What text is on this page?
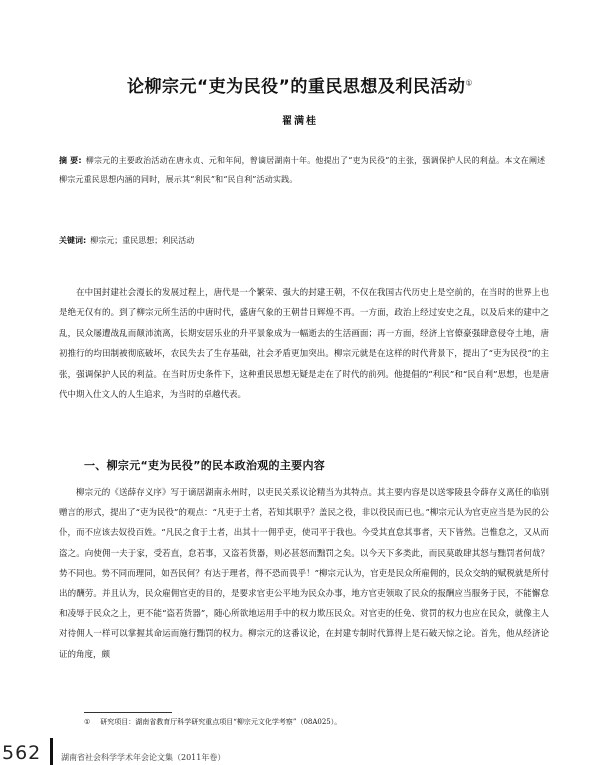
论柳宗元“吏为民役”的重民思想及利民活动①
翟满桂
摘 要: 柳宗元的主要政治活动在唐永贞、元和年间，曾谪居湖南十年。他提出了“吏为民役”的主张，强调保护人民的利益。本文在阐述柳宗元重民思想内涵的同时，展示其“利民”和“民自利”活动实践。
关键词: 柳宗元；重民思想；利民活动
在中国封建社会漫长的发展过程上，唐代是一个繁荣、强大的封建王朝，不仅在我国古代历史上是空前的，在当时的世界上也是绝无仅有的。到了柳宗元所生活的中唐时代，盛唐气象的王朝昔日辉煌不再。一方面，政治上经过安史之乱，以及后来的建中之乱，民众屡遭战乱而颠沛流离，长期安居乐业的升平景象成为一幅逝去的生活画面；再一方面，经济上官僚豪强肆意侵夺土地，唐初推行的均田制被彻底破坏，农民失去了生存基础，社会矛盾更加突出。柳宗元就是在这样的时代背景下，提出了“吏为民役”的主张，强调保护人民的利益。在当时历史条件下，这种重民思想无疑是走在了时代的前列。他提倡的“利民”和“民自利”思想，也是唐代中期入仕文人的人生追求，为当时的卓越代表。
一、柳宗元“吏为民役”的民本政治观的主要内容
柳宗元的《送薛存义序》写于谪居湖南永州时，以吏民关系议论精当为其特点。其主要内容是以送零陵县令薛存义离任的临别赠言的形式，提出了“吏为民役”的观点：“凡吏于土者，若知其职乎？盖民之役，非以役民而已也。”柳宗元认为官吏应当是为民的公仆，而不应该去奴役百姓。“凡民之食于土者，出其十一佣乎吏，使司平于我也。今受其直怠其事者，天下皆然。岂惟怠之，又从而盗之。向使佣一夫于家，受若直，怠若事，又盗若货器，则必甚怒而黜罚之矣。以今天下多类此，而民莫敢肆其怒与黜罚者何哉？势不同也。势不同而理同，如吾民何？有达于理者，得不恐而畏乎！”柳宗元认为，官吏是民众所雇佣的，民众交纳的赋税就是所付出的酬劳。并且认为，民众雇佣官吏的目的，是要求官吏公平地为民众办事，地方官吏领取了民众的报酬应当服务于民，不能懈怠和凌辱于民众之上，更不能“盗若货器”，随心所欲地运用手中的权力欺压民众。对官吏的任免、赏罚的权力也应在民众，就像主人对待佣人一样可以掌握其命运而施行黜罚的权力。柳宗元的这番议论，在封建专制时代算得上是石破天惊之论。首先，他从经济论证的角度，颇
① 研究项目：湖南省教育厅科学研究重点项目“柳宗元文化学考察”（08A025）。
562 湖南省社会科学学术年会论文集（2011年卷）
